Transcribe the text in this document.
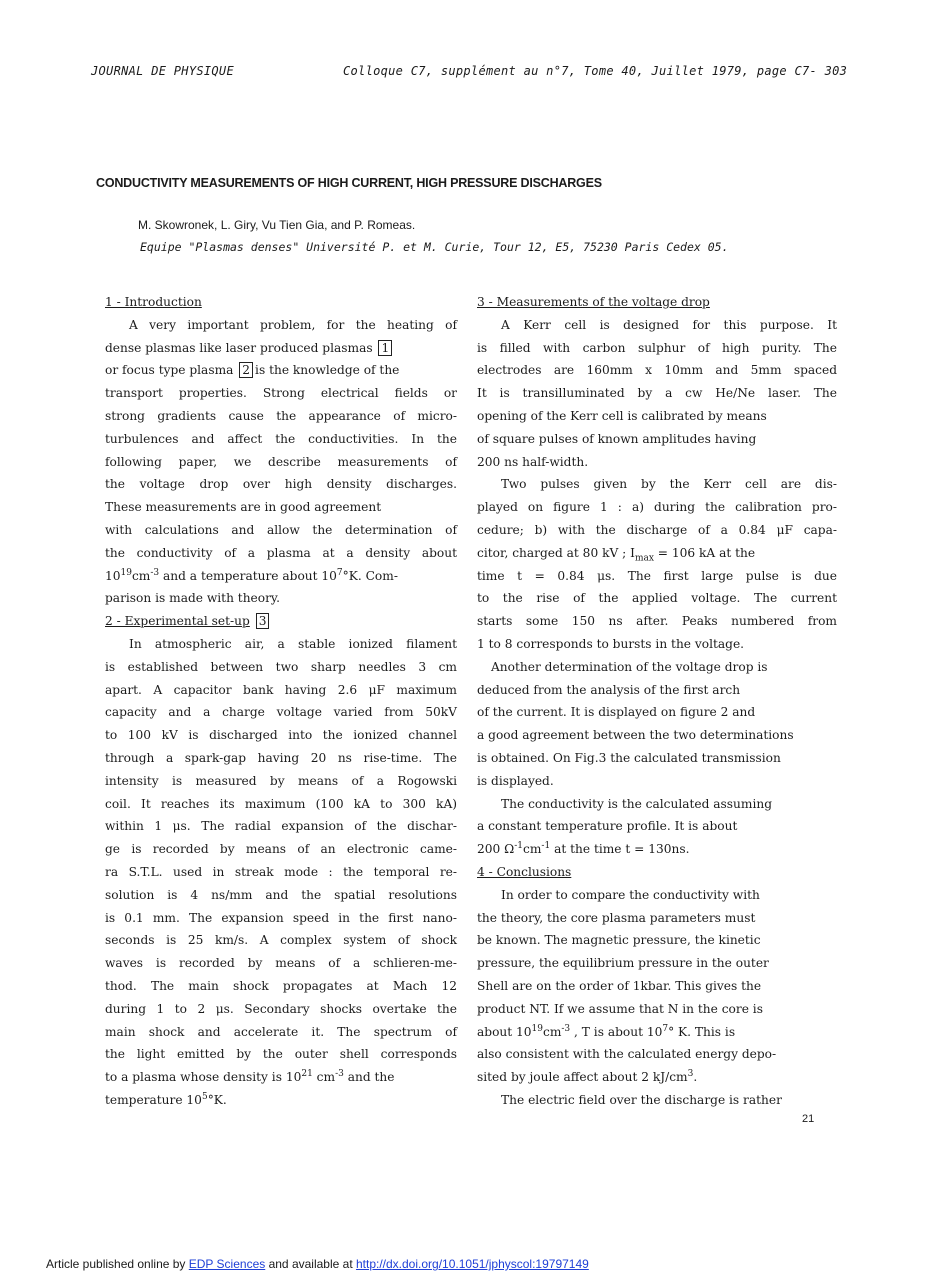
JOURNAL DE PHYSIQUE	Colloque C7, supplément au n°7, Tome 40, Juillet 1979, page C7- 303
CONDUCTIVITY MEASUREMENTS OF HIGH CURRENT, HIGH PRESSURE DISCHARGES
M. Skowronek, L. Giry, Vu Tien Gia, and P. Romeas.
Equipe "Plasmas denses" Université P. et M. Curie, Tour 12, E5, 75230 Paris Cedex 05.
1 - Introduction
A very important problem, for the heating of
dense plasmas like laser produced plasmas 1
or focus type plasma 2 is the knowledge of the
transport properties. Strong electrical fields or
strong gradients cause the appearance of micro-
turbulences and affect the conductivities. In the
following paper, we describe measurements of
the voltage drop over high density discharges.
These measurements are in good agreement
with calculations and allow the determination of
the conductivity of a plasma at a density about
$10^{19}cm^{-3}$ and a temperature about $10^7^\circ K$. Com-
parison is made with theory.
2 - Experimental set-up 3
In atmospheric air, a stable ionized filament
is established between two sharp needles 3 cm
apart. A capacitor bank having 2.6 μF maximum
capacity and a charge voltage varied from 50kV
to 100 kV is discharged into the ionized channel
through a spark-gap having 20 ns rise-time. The
intensity is measured by means of a Rogowski
coil. It reaches its maximum (100 kA to 300 kA)
within 1 μs. The radial expansion of the dischar-
ge is recorded by means of an electronic came-
ra S.T.L. used in streak mode : the temporal re-
solution is 4 ns/mm and the spatial resolutions
is 0.1 mm. The expansion speed in the first nano-
seconds is 25 km/s. A complex system of shock
waves is recorded by means of a schlieren-me-
thod. The main shock propagates at Mach 12
during 1 to 2 μs. Secondary shocks overtake the
main shock and accelerate it. The spectrum of
the light emitted by the outer shell corresponds
to a plasma whose density is $10^{21}$ $cm^{-3}$ and the
temperature $10^5^\circ K$.
3 - Measurements of the voltage drop
A Kerr cell is designed for this purpose. It
is filled with carbon sulphur of high purity. The
electrodes are 160mm x 10mm and 5mm spaced
It is transilluminated by a cw He/Ne laser. The
opening of the Kerr cell is calibrated by means
of square pulses of known amplitudes having
200 ns half-width.
Two pulses given by the Kerr cell are dis-
played on figure 1 : a) during the calibration pro-
cedure; b) with the discharge of a 0.84 μF capa-
citor, charged at 80 kV ; $I_{max} = 106$ kA at the
time t = 0.84 μs. The first large pulse is due
to the rise of the applied voltage. The current
starts some 150 ns after. Peaks numbered from
1 to 8 corresponds to bursts in the voltage.
Another determination of the voltage drop is
deduced from the analysis of the first arch
of the current. It is displayed on figure 2 and
a good agreement between the two determinations
is obtained. On Fig.3 the calculated transmission
is displayed.
The conductivity is the calculated assuming
a constant temperature profile. It is about
200 $\Omega^{-1}cm^{-1}$ at the time t = 130ns.
4 - Conclusions
In order to compare the conductivity with
the theory, the core plasma parameters must
be known. The magnetic pressure, the kinetic
pressure, the equilibrium pressure in the outer
Shell are on the order of 1kbar. This gives the
product NT. If we assume that N in the core is
about $10^{19}cm^{-3}$ , T is about $10^7^\circ$ K. This is
also consistent with the calculated energy depo-
sited by joule affect about 2 $kJ/cm^3$.
The electric field over the discharge is rather
21
Article published online by EDP Sciences and available at http://dx.doi.org/10.1051/jphyscol:19797149
